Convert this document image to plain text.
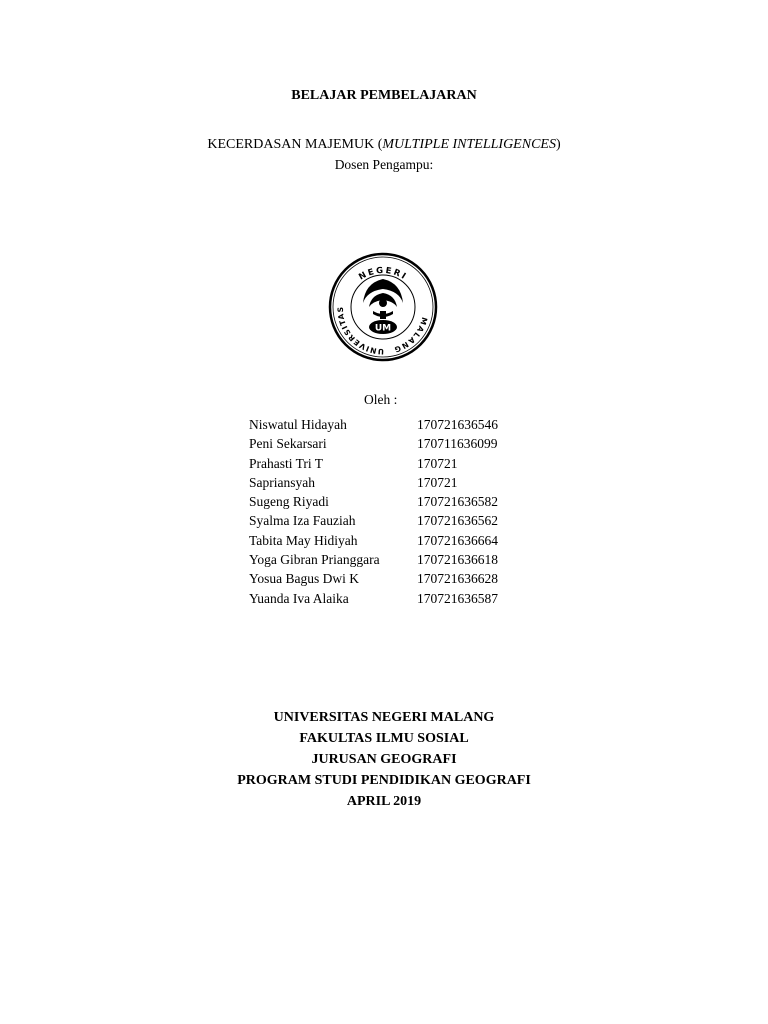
BELAJAR PEMBELAJARAN
KECERDASAN MAJEMUK (MULTIPLE INTELLIGENCES)
Dosen Pengampu:
NEGERI
UNIVERSITAS
MALANG
UM
Oleh :
Niswatul Hidayah	170721636546
Peni Sekarsari	170711636099
Prahasti Tri T	170721
Sapriansyah	170721
Sugeng Riyadi	170721636582
Syalma Iza Fauziah	170721636562
Tabita May Hidiyah	170721636664
Yoga Gibran Prianggara	170721636618
Yosua Bagus Dwi K	170721636628
Yuanda Iva Alaika	170721636587
UNIVERSITAS NEGERI MALANG
FAKULTAS ILMU SOSIAL
JURUSAN GEOGRAFI
PROGRAM STUDI PENDIDIKAN GEOGRAFI
APRIL 2019
